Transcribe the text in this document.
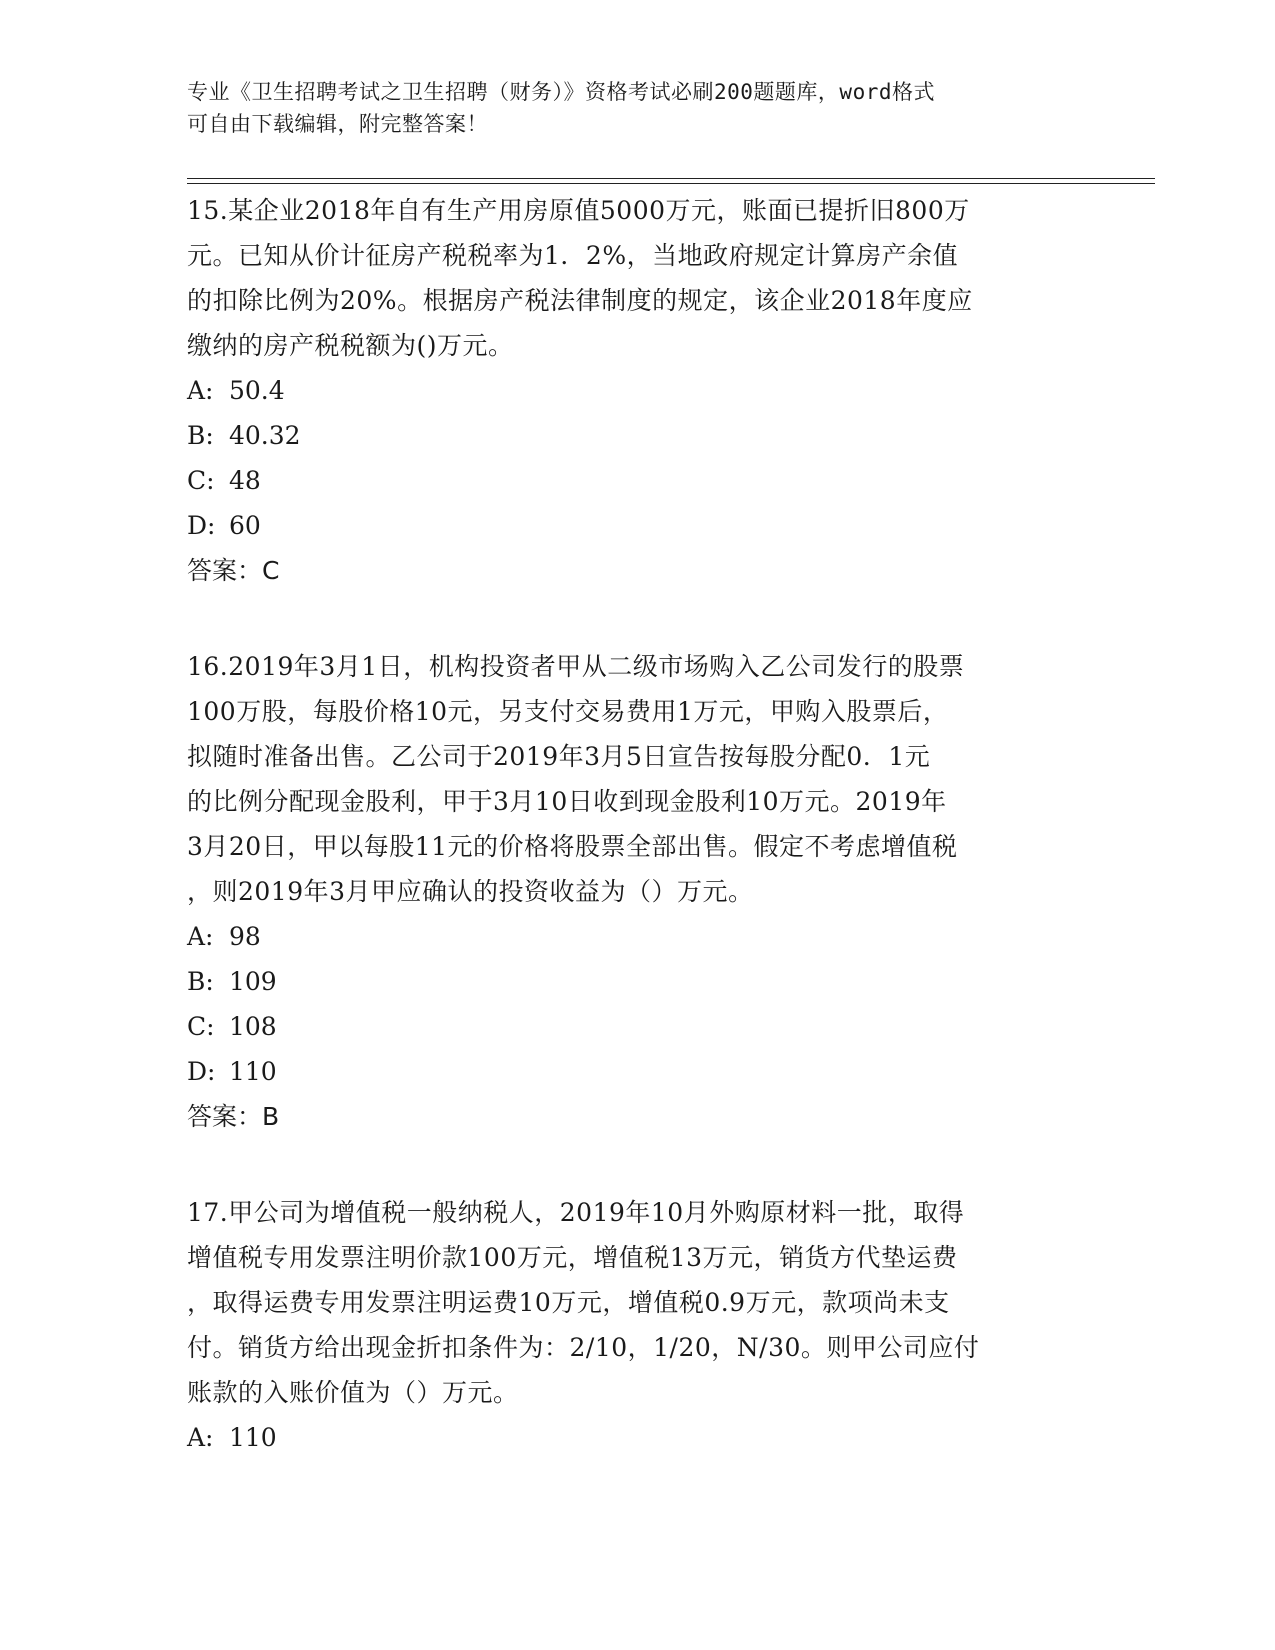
专业《卫生招聘考试之卫生招聘（财务）》资格考试必刷200题题库，word格式
可自由下载编辑，附完整答案！
15.某企业2018年自有生产用房原值5000万元，账面已提折旧800万
元。已知从价计征房产税税率为1．2%，当地政府规定计算房产余值
的扣除比例为20%。根据房产税法律制度的规定，该企业2018年度应
缴纳的房产税税额为()万元。
A: 50.4
B: 40.32
C: 48
D: 60
答案：C
16.2019年3月1日，机构投资者甲从二级市场购入乙公司发行的股票
100万股，每股价格10元，另支付交易费用1万元，甲购入股票后，
拟随时准备出售。乙公司于2019年3月5日宣告按每股分配0．1元
的比例分配现金股利，甲于3月10日收到现金股利10万元。2019年
3月20日，甲以每股11元的价格将股票全部出售。假定不考虑增值税
，则2019年3月甲应确认的投资收益为（）万元。
A: 98
B: 109
C: 108
D: 110
答案：B
17.甲公司为增值税一般纳税人，2019年10月外购原材料一批，取得
增值税专用发票注明价款100万元，增值税13万元，销货方代垫运费
，取得运费专用发票注明运费10万元，增值税0.9万元，款项尚未支
付。销货方给出现金折扣条件为：2/10，1/20，N/30。则甲公司应付
账款的入账价值为（）万元。
A: 110
